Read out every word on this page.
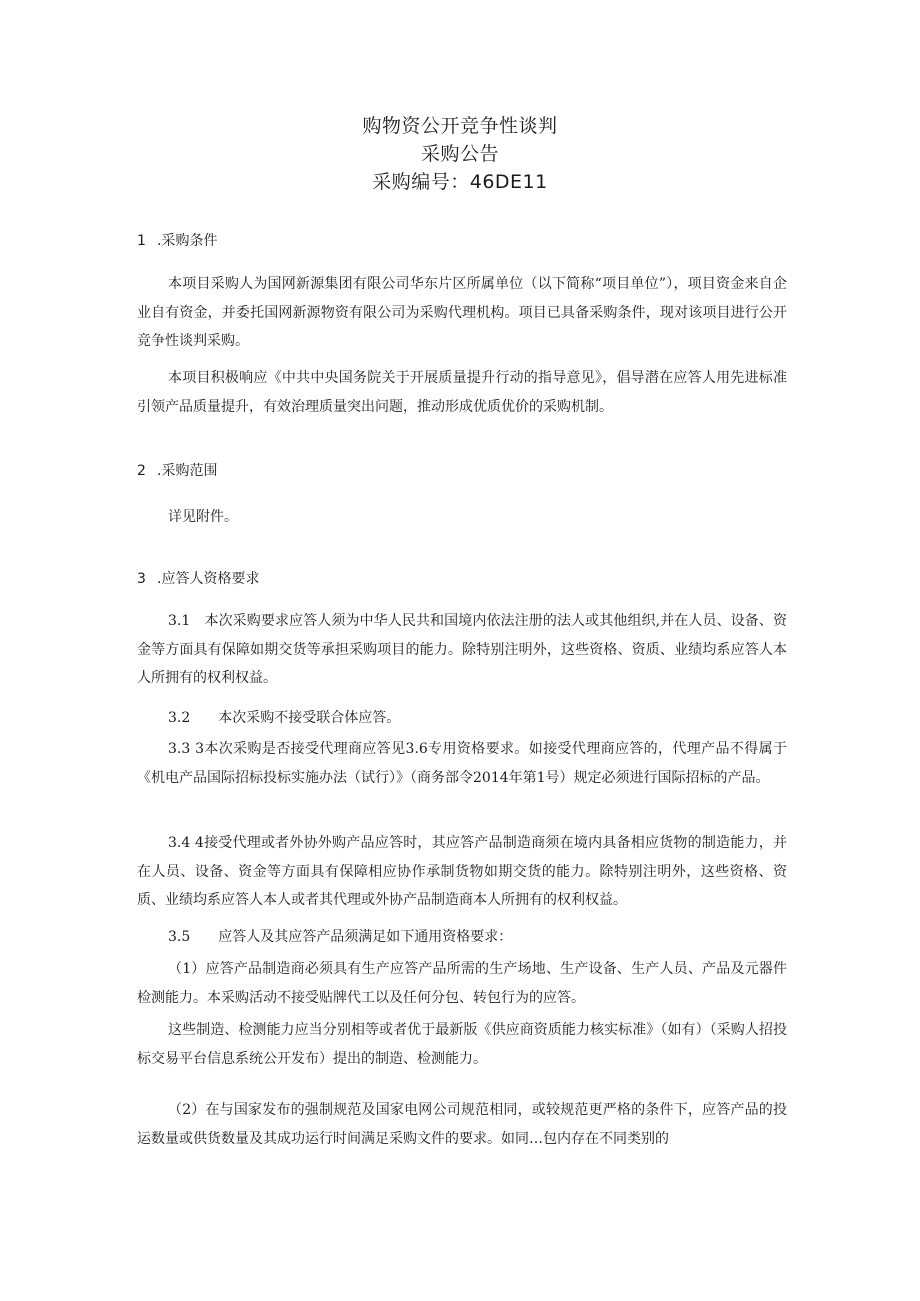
购物资公开竞争性谈判
采购公告
采购编号：46DE11
1 .采购条件
本项目采购人为国网新源集团有限公司华东片区所属单位（以下简称“项目单位”），项目资金来自企业自有资金，并委托国网新源物资有限公司为采购代理机构。项目已具备采购条件，现对该项目进行公开竞争性谈判采购。
本项目积极响应《中共中央国务院关于开展质量提升行动的指导意见》，倡导潜在应答人用先进标准引领产品质量提升，有效治理质量突出问题，推动形成优质优价的采购机制。
2 .采购范围
详见附件。
3 .应答人资格要求
3.1　本次采购要求应答人须为中华人民共和国境内依法注册的法人或其他组织,并在人员、设备、资金等方面具有保障如期交货等承担采购项目的能力。除特别注明外，这些资格、资质、业绩均系应答人本人所拥有的权利权益。
3.2　　本次采购不接受联合体应答。
3.3 3本次采购是否接受代理商应答见3.6专用资格要求。如接受代理商应答的，代理产品不得属于《机电产品国际招标投标实施办法（试行）》（商务部令2014年第1号）规定必须进行国际招标的产品。
3.4 4接受代理或者外协外购产品应答时，其应答产品制造商须在境内具备相应货物的制造能力，并在人员、设备、资金等方面具有保障相应协作承制货物如期交货的能力。除特别注明外，这些资格、资质、业绩均系应答人本人或者其代理或外协产品制造商本人所拥有的权利权益。
3.5　　应答人及其应答产品须满足如下通用资格要求：
（1）应答产品制造商必须具有生产应答产品所需的生产场地、生产设备、生产人员、产品及元器件检测能力。本采购活动不接受贴牌代工以及任何分包、转包行为的应答。
这些制造、检测能力应当分别相等或者优于最新版《供应商资质能力核实标准》（如有）（采购人招投标交易平台信息系统公开发布）提出的制造、检测能力。
（2）在与国家发布的强制规范及国家电网公司规范相同，或较规范更严格的条件下，应答产品的投运数量或供货数量及其成功运行时间满足采购文件的要求。如同…包内存在不同类别的
